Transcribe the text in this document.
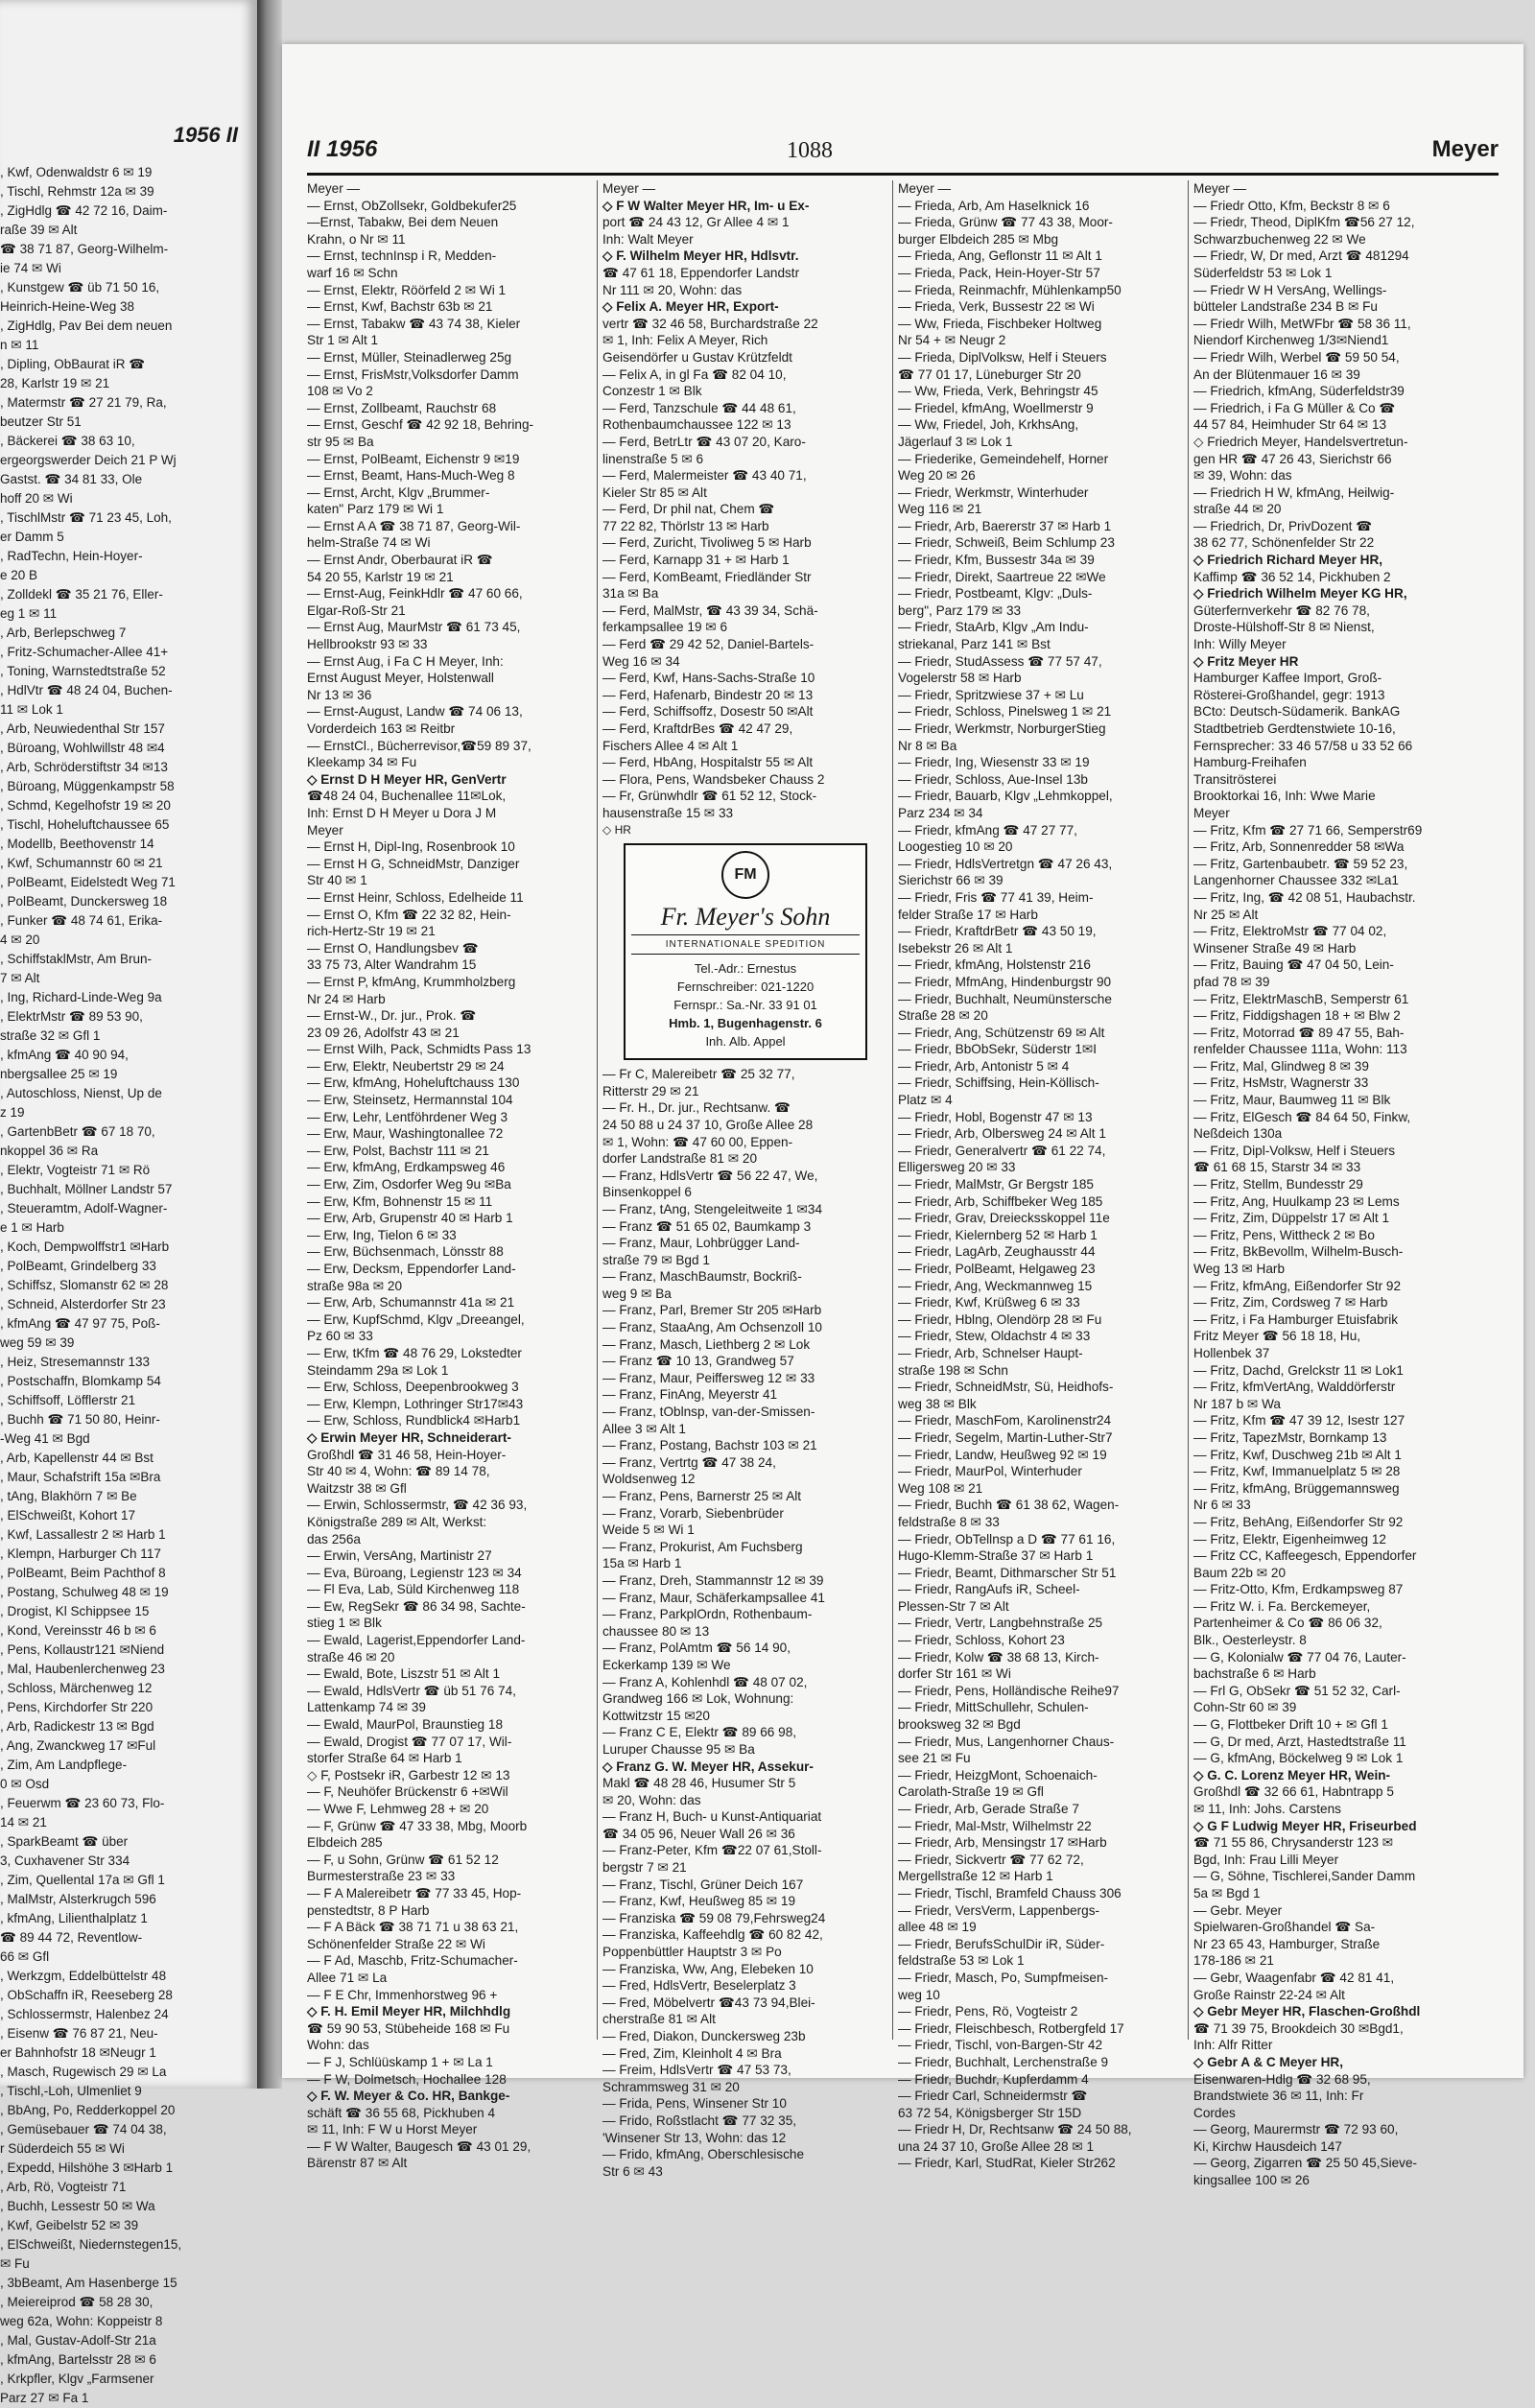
1956 II
, Kwf, Odenwaldstr 6 ✉ 19
, Tischl, Rehmstr 12a ✉ 39
, ZigHdlg ☎ 42 72 16, Daim-
raße 39 ✉ Alt
☎ 38 71 87, Georg-Wilhelm-
ie 74 ✉ Wi
, Kunstgew ☎ üb 71 50 16,
Heinrich-Heine-Weg 38
, ZigHdlg, Pav Bei dem neuen
n ✉ 11
, Dipling, ObBaurat iR ☎
28, Karlstr 19 ✉ 21
, Matermstr ☎ 27 21 79, Ra,
beutzer Str 51
, Bäckerei ☎ 38 63 10,
ergeorgswerder Deich 21 P Wj
Gastst. ☎ 34 81 33, Ole
hoff 20 ✉ Wi
, TischlMstr ☎ 71 23 45, Loh,
er Damm 5
, RadTechn, Hein-Hoyer-
e 20 B
, Zolldekl ☎ 35 21 76, Eller-
eg 1 ✉ 11
, Arb, Berlepschweg 7
, Fritz-Schumacher-Allee 41+
, Toning, Warnstedtstraße 52
, HdlVtr ☎ 48 24 04, Buchen-
11 ✉ Lok 1
, Arb, Neuwiedenthal Str 157
, Büroang, Wohlwillstr 48 ✉4
, Arb, Schröderstiftstr 34 ✉13
, Büroang, Müggenkampstr 58
, Schmd, Kegelhofstr 19 ✉ 20
, Tischl, Hoheluftchaussee 65
, Modellb, Beethovenstr 14
, Kwf, Schumannstr 60 ✉ 21
, PolBeamt, Eidelstedt Weg 71
, PolBeamt, Dunckersweg 18
, Funker ☎ 48 74 61, Erika-
4 ✉ 20
, SchiffstaklMstr, Am Brun-
7 ✉ Alt
, Ing, Richard-Linde-Weg 9a
, ElektrMstr ☎ 89 53 90,
straße 32 ✉ Gfl 1
, kfmAng ☎ 40 90 94,
nbergsallee 25 ✉ 19
, Autoschloss, Nienst, Up de
z 19
, GartenbBetr ☎ 67 18 70,
nkoppel 36 ✉ Ra
, Elektr, Vogteistr 71 ✉ Rö
, Buchhalt, Möllner Landstr 57
, Steueramtm, Adolf-Wagner-
e 1 ✉ Harb
, Koch, Dempwolffstr1 ✉Harb
, PolBeamt, Grindelberg 33
, Schiffsz, Slomanstr 62 ✉ 28
, Schneid, Alsterdorfer Str 23
, kfmAng ☎ 47 97 75, Poß-
weg 59 ✉ 39
, Heiz, Stresemannstr 133
, Postschaffn, Blomkamp 54
, Schiffsoff, Löfflerstr 21
, Buchh ☎ 71 50 80, Heinr-
-Weg 41 ✉ Bgd
, Arb, Kapellenstr 44 ✉ Bst
, Maur, Schafstrift 15a ✉Bra
, tAng, Blakhörn 7 ✉ Be
, ElSchweißt, Kohort 17
, Kwf, Lassallestr 2 ✉ Harb 1
, Klempn, Harburger Ch 117
, PolBeamt, Beim Pachthof 8
, Postang, Schulweg 48 ✉ 19
, Drogist, Kl Schippsee 15
, Kond, Vereinsstr 46 b ✉ 6
, Pens, Kollaustr121 ✉Niend
, Mal, Haubenlerchenweg 23
, Schloss, Märchenweg 12
, Pens, Kirchdorfer Str 220
, Arb, Radickestr 13 ✉ Bgd
, Ang, Zwanckweg 17 ✉Ful
, Zim, Am Landpflege-
0 ✉ Osd
, Feuerwm ☎ 23 60 73, Flo-
14 ✉ 21
, SparkBeamt ☎ über
3, Cuxhavener Str 334
, Zim, Quellental 17a ✉ Gfl 1
, MalMstr, Alsterkrugch 596
, kfmAng, Lilienthalplatz 1
☎ 89 44 72, Reventlow-
66 ✉ Gfl
, Werkzgm, Eddelbüttelstr 48
, ObSchaffn iR, Reeseberg 28
, Schlossermstr, Halenbez 24
, Eisenw ☎ 76 87 21, Neu-
er Bahnhofstr 18 ✉Neugr 1
, Masch, Rugewisch 29 ✉ La
, Tischl,-Loh, Ulmenliet 9
, BbAng, Po, Redderkoppel 20
, Gemüsebauer ☎ 74 04 38,
r Süderdeich 55 ✉ Wi
, Expedd, Hilshöhe 3 ✉Harb 1
, Arb, Rö, Vogteistr 71
, Buchh, Lessestr 50 ✉ Wa
, Kwf, Geibelstr 52 ✉ 39
, ElSchweißt, Niedernstegen15,
✉ Fu
, 3bBeamt, Am Hasenberge 15
, Meiereiprod ☎ 58 28 30,
weg 62a, Wohn: Koppeistr 8
, Mal, Gustav-Adolf-Str 21a
, kfmAng, Bartelsstr 28 ✉ 6
, Krkpfler, Klgv „Farmsener
Parz 27 ✉ Fa 1
II 1956	1088	Meyer
Meyer —
— Ernst, ObZollsekr, Goldbekufer25
—Ernst, Tabakw, Bei dem Neuen
Krahn, o Nr ✉ 11
— Ernst, technInsp i R, Medden-
warf 16 ✉ Schn
— Ernst, Elektr, Röörfeld 2 ✉ Wi 1
— Ernst, Kwf, Bachstr 63b ✉ 21
— Ernst, Tabakw ☎ 43 74 38, Kieler
Str 1 ✉ Alt 1
— Ernst, Müller, Steinadlerweg 25g
— Ernst, FrisMstr,Volksdorfer Damm
108 ✉ Vo 2
— Ernst, Zollbeamt, Rauchstr 68
— Ernst, Geschf ☎ 42 92 18, Behring-
str 95 ✉ Ba
— Ernst, PolBeamt, Eichenstr 9 ✉19
— Ernst, Beamt, Hans-Much-Weg 8
— Ernst, Archt, Klgv „Brummer-
katen" Parz 179 ✉ Wi 1
— Ernst A A ☎ 38 71 87, Georg-Wil-
helm-Straße 74 ✉ Wi
— Ernst Andr, Oberbaurat iR ☎
54 20 55, Karlstr 19 ✉ 21
— Ernst-Aug, FeinkHdlr ☎ 47 60 66,
Elgar-Roß-Str 21
— Ernst Aug, MaurMstr ☎ 61 73 45,
Hellbrookstr 93 ✉ 33
— Ernst Aug, i Fa C H Meyer, Inh:
Ernst August Meyer, Holstenwall
Nr 13 ✉ 36
— Ernst-August, Landw ☎ 74 06 13,
Vorderdeich 163 ✉ Reitbr
— ErnstCl., Bücherrevisor,☎59 89 37,
Kleekamp 34 ✉ Fu
◇ Ernst D H Meyer HR, GenVertr
☎48 24 04, Buchenallee 11✉Lok,
Inh: Ernst D H Meyer u Dora J M
Meyer
— Ernst H, Dipl-Ing, Rosenbrook 10
— Ernst H G, SchneidMstr, Danziger
Str 40 ✉ 1
— Ernst Heinr, Schloss, Edelheide 11
— Ernst O, Kfm ☎ 22 32 82, Hein-
rich-Hertz-Str 19 ✉ 21
— Ernst O, Handlungsbev ☎
33 75 73, Alter Wandrahm 15
— Ernst P, kfmAng, Krummholzberg
Nr 24 ✉ Harb
— Ernst-W., Dr. jur., Prok. ☎
23 09 26, Adolfstr 43 ✉ 21
— Ernst Wilh, Pack, Schmidts Pass 13
— Erw, Elektr, Neubertstr 29 ✉ 24
— Erw, kfmAng, Hoheluftchauss 130
— Erw, Steinsetz, Hermannstal 104
— Erw, Lehr, Lentföhrdener Weg 3
— Erw, Maur, Washingtonallee 72
— Erw, Polst, Bachstr 111 ✉ 21
— Erw, kfmAng, Erdkampsweg 46
— Erw, Zim, Osdorfer Weg 9u ✉Ba
— Erw, Kfm, Bohnenstr 15 ✉ 11
— Erw, Arb, Grupenstr 40 ✉ Harb 1
— Erw, Ing, Tielon 6 ✉ 33
— Erw, Büchsenmach, Lönsstr 88
— Erw, Decksm, Eppendorfer Land-
straße 98a ✉ 20
— Erw, Arb, Schumannstr 41a ✉ 21
— Erw, KupfSchmd, Klgv „Dreeangel,
Pz 60 ✉ 33
— Erw, tKfm ☎ 48 76 29, Lokstedter
Steindamm 29a ✉ Lok 1
— Erw, Schloss, Deepenbrookweg 3
— Erw, Klempn, Lothringer Str17✉43
— Erw, Schloss, Rundblick4 ✉Harb1
◇ Erwin Meyer HR, Schneiderart-
Großhdl ☎ 31 46 58, Hein-Hoyer-
Str 40 ✉ 4, Wohn: ☎ 89 14 78,
Waitzstr 38 ✉ Gfl
— Erwin, Schlossermstr, ☎ 42 36 93,
Königstraße 289 ✉ Alt, Werkst:
das 256a
— Erwin, VersAng, Martinistr 27
— Eva, Büroang, Legienstr 123 ✉ 34
— Fl Eva, Lab, Süld Kirchenweg 118
— Ew, RegSekr ☎ 86 34 98, Sachte-
stieg 1 ✉ Blk
— Ewald, Lagerist,Eppendorfer Land-
straße 46 ✉ 20
— Ewald, Bote, Liszstr 51 ✉ Alt 1
— Ewald, HdlsVertr ☎ üb 51 76 74,
Lattenkamp 74 ✉ 39
— Ewald, MaurPol, Braunstieg 18
— Ewald, Drogist ☎ 77 07 17, Wil-
storfer Straße 64 ✉ Harb 1
◇ F, Postsekr iR, Garbestr 12 ✉ 13
— F, Neuhöfer Brückenstr 6 +✉Wil
— Wwe F, Lehmweg 28 + ✉ 20
— F, Grünw ☎ 47 33 38, Mbg, Moorb
Elbdeich 285
— F, u Sohn, Grünw ☎ 61 52 12
Burmesterstraße 23 ✉ 33
— F A Malereibetr ☎ 77 33 45, Hop-
penstedtstr, 8 P Harb
— F A Bäck ☎ 38 71 71 u 38 63 21,
Schönenfelder Straße 22 ✉ Wi
— F Ad, Maschb, Fritz-Schumacher-
Allee 71 ✉ La
— F E Chr, Immenhorstweg 96 +
◇ F. H. Emil Meyer HR, Milchhdlg
☎ 59 90 53, Stübeheide 168 ✉ Fu
Wohn: das
— F J, Schlüüskamp 1 + ✉ La 1
— F W, Dolmetsch, Hochallee 128
◇ F. W. Meyer & Co. HR, Bankge-
schäft ☎ 36 55 68, Pickhuben 4
✉ 11, Inh: F W u Horst Meyer
— F W Walter, Baugesch ☎ 43 01 29,
Bärenstr 87 ✉ Alt
Meyer —
◇ F W Walter Meyer HR, Im- u Ex-
port ☎ 24 43 12, Gr Allee 4 ✉ 1
Inh: Walt Meyer
◇ F. Wilhelm Meyer HR, Hdlsvtr.
☎ 47 61 18, Eppendorfer Landstr
Nr 111 ✉ 20, Wohn: das
◇ Felix A. Meyer HR, Export-
vertr ☎ 32 46 58, Burchardstraße 22
✉ 1, Inh: Felix A Meyer, Rich
Geisendörfer u Gustav Krützfeldt
— Felix A, in gl Fa ☎ 82 04 10,
Conzestr 1 ✉ Blk
— Ferd, Tanzschule ☎ 44 48 61,
Rothenbaumchaussee 122 ✉ 13
— Ferd, BetrLtr ☎ 43 07 20, Karo-
linenstraße 5 ✉ 6
— Ferd, Malermeister ☎ 43 40 71,
Kieler Str 85 ✉ Alt
— Ferd, Dr phil nat, Chem ☎
77 22 82, Thörlstr 13 ✉ Harb
— Ferd, Zuricht, Tivoliweg 5 ✉ Harb
— Ferd, Karnapp 31 + ✉ Harb 1
— Ferd, KomBeamt, Friedländer Str
31a ✉ Ba
— Ferd, MalMstr, ☎ 43 39 34, Schä-
ferkampsallee 19 ✉ 6
— Ferd ☎ 29 42 52, Daniel-Bartels-
Weg 16 ✉ 34
— Ferd, Kwf, Hans-Sachs-Straße 10
— Ferd, Hafenarb, Bindestr 20 ✉ 13
— Ferd, Schiffsoffz, Dosestr 50 ✉Alt
— Ferd, KraftdrBes ☎ 42 47 29,
Fischers Allee 4 ✉ Alt 1
— Ferd, HbAng, Hospitalstr 55 ✉ Alt
— Flora, Pens, Wandsbeker Chauss 2
— Fr, Grünwhdlr ☎ 61 52 12, Stock-
hausenstraße 15 ✉ 33
◇ HR
FM
Fr. Meyer's Sohn
INTERNATIONALE SPEDITION
Tel.-Adr.: Ernestus
Fernschreiber: 021-1220
Fernspr.: Sa.-Nr. 33 91 01
Hmb. 1, Bugenhagenstr. 6
Inh. Alb. Appel
— Fr C, Malereibetr ☎ 25 32 77,
Ritterstr 29 ✉ 21
— Fr. H., Dr. jur., Rechtsanw. ☎
24 50 88 u 24 37 10, Große Allee 28
✉ 1, Wohn: ☎ 47 60 00, Eppen-
dorfer Landstraße 81 ✉ 20
— Franz, HdlsVertr ☎ 56 22 47, We,
Binsenkoppel 6
— Franz, tAng, Stengeleitweite 1 ✉34
— Franz ☎ 51 65 02, Baumkamp 3
— Franz, Maur, Lohbrügger Land-
straße 79 ✉ Bgd 1
— Franz, MaschBaumstr, Bockriß-
weg 9 ✉ Ba
— Franz, Parl, Bremer Str 205 ✉Harb
— Franz, StaaAng, Am Ochsenzoll 10
— Franz, Masch, Liethberg 2 ✉ Lok
— Franz ☎ 10 13, Grandweg 57
— Franz, Maur, Peiffersweg 12 ✉ 33
— Franz, FinAng, Meyerstr 41
— Franz, tOblnsp, van-der-Smissen-
Allee 3 ✉ Alt 1
— Franz, Postang, Bachstr 103 ✉ 21
— Franz, Vertrtg ☎ 47 38 24,
Woldsenweg 12
— Franz, Pens, Barnerstr 25 ✉ Alt
— Franz, Vorarb, Siebenbrüder
Weide 5 ✉ Wi 1
— Franz, Prokurist, Am Fuchsberg
15a ✉ Harb 1
— Franz, Dreh, Stammannstr 12 ✉ 39
— Franz, Maur, Schäferkampsallee 41
— Franz, ParkplOrdn, Rothenbaum-
chaussee 80 ✉ 13
— Franz, PolAmtm ☎ 56 14 90,
Eckerkamp 139 ✉ We
— Franz A, Kohlenhdl ☎ 48 07 02,
Grandweg 166 ✉ Lok, Wohnung:
Kottwitzstr 15 ✉20
— Franz C E, Elektr ☎ 89 66 98,
Luruper Chausse 95 ✉ Ba
◇ Franz G. W. Meyer HR, Assekur-
Makl ☎ 48 28 46, Husumer Str 5
✉ 20, Wohn: das
— Franz H, Buch- u Kunst-Antiquariat
☎ 34 05 96, Neuer Wall 26 ✉ 36
— Franz-Peter, Kfm ☎22 07 61,Stoll-
bergstr 7 ✉ 21
— Franz, Tischl, Grüner Deich 167
— Franz, Kwf, Heußweg 85 ✉ 19
— Franziska ☎ 59 08 79,Fehrsweg24
— Franziska, Kaffeehdlg ☎ 60 82 42,
Poppenbüttler Hauptstr 3 ✉ Po
— Franziska, Ww, Ang, Elebeken 10
— Fred, HdlsVertr, Beselerplatz 3
— Fred, Möbelvertr ☎43 73 94,Blei-
cherstraße 81 ✉ Alt
— Fred, Diakon, Dunckersweg 23b
— Fred, Zim, Kleinholt 4 ✉ Bra
— Freim, HdlsVertr ☎ 47 53 73,
Schrammsweg 31 ✉ 20
— Frida, Pens, Winsener Str 10
— Frido, Roßstlacht ☎ 77 32 35,
'Winsener Str 13, Wohn: das 12
— Frido, kfmAng, Oberschlesische
Str 6 ✉ 43
Meyer —
— Frieda, Arb, Am Haselknick 16
— Frieda, Grünw ☎ 77 43 38, Moor-
burger Elbdeich 285 ✉ Mbg
— Frieda, Ang, Geflonstr 11 ✉ Alt 1
— Frieda, Pack, Hein-Hoyer-Str 57
— Frieda, Reinmachfr, Mühlenkamp50
— Frieda, Verk, Bussestr 22 ✉ Wi
— Ww, Frieda, Fischbeker Holtweg
Nr 54 + ✉ Neugr 2
— Frieda, DiplVolksw, Helf i Steuers
☎ 77 01 17, Lüneburger Str 20
— Ww, Frieda, Verk, Behringstr 45
— Friedel, kfmAng, Woellmerstr 9
— Ww, Friedel, Joh, KrkhsAng,
Jägerlauf 3 ✉ Lok 1
— Friederike, Gemeindehelf, Horner
Weg 20 ✉ 26
— Friedr, Werkmstr, Winterhuder
Weg 116 ✉ 21
— Friedr, Arb, Baererstr 37 ✉ Harb 1
— Friedr, Schweiß, Beim Schlump 23
— Friedr, Kfm, Bussestr 34a ✉ 39
— Friedr, Direkt, Saartreue 22 ✉We
— Friedr, Postbeamt, Klgv: „Duls-
berg", Parz 179 ✉ 33
— Friedr, StaArb, Klgv „Am Indu-
striekanal, Parz 141 ✉ Bst
— Friedr, StudAssess ☎ 77 57 47,
Vogelerstr 58 ✉ Harb
— Friedr, Spritzwiese 37 + ✉ Lu
— Friedr, Schloss, Pinelsweg 1 ✉ 21
— Friedr, Werkmstr, NorburgerStieg
Nr 8 ✉ Ba
— Friedr, Ing, Wiesenstr 33 ✉ 19
— Friedr, Schloss, Aue-Insel 13b
— Friedr, Bauarb, Klgv „Lehmkoppel,
Parz 234 ✉ 34
— Friedr, kfmAng ☎ 47 27 77,
Loogestieg 10 ✉ 20
— Friedr, HdlsVertretgn ☎ 47 26 43,
Sierichstr 66 ✉ 39
— Friedr, Fris ☎ 77 41 39, Heim-
felder Straße 17 ✉ Harb
— Friedr, KraftdrBetr ☎ 43 50 19,
Isebekstr 26 ✉ Alt 1
— Friedr, kfmAng, Holstenstr 216
— Friedr, MfmAng, Hindenburgstr 90
— Friedr, Buchhalt, Neumünstersche
Straße 28 ✉ 20
— Friedr, Ang, Schützenstr 69 ✉ Alt
— Friedr, BbObSekr, Süderstr 1✉I
— Friedr, Arb, Antonistr 5 ✉ 4
— Friedr, Schiffsing, Hein-Köllisch-
Platz ✉ 4
— Friedr, Hobl, Bogenstr 47 ✉ 13
— Friedr, Arb, Olbersweg 24 ✉ Alt 1
— Friedr, Generalvertr ☎ 61 22 74,
Elligersweg 20 ✉ 33
— Friedr, MalMstr, Gr Bergstr 185
— Friedr, Arb, Schiffbeker Weg 185
— Friedr, Grav, Dreiecksskoppel 11e
— Friedr, Kielernberg 52 ✉ Harb 1
— Friedr, LagArb, Zeughausstr 44
— Friedr, PolBeamt, Helgaweg 23
— Friedr, Ang, Weckmannweg 15
— Friedr, Kwf, Krüßweg 6 ✉ 33
— Friedr, Hblng, Olendörp 28 ✉ Fu
— Friedr, Stew, Oldachstr 4 ✉ 33
— Friedr, Arb, Schnelser Haupt-
straße 198 ✉ Schn
— Friedr, SchneidMstr, Sü, Heidhofs-
weg 38 ✉ Blk
— Friedr, MaschFom, Karolinenstr24
— Friedr, Segelm, Martin-Luther-Str7
— Friedr, Landw, Heußweg 92 ✉ 19
— Friedr, MaurPol, Winterhuder
Weg 108 ✉ 21
— Friedr, Buchh ☎ 61 38 62, Wagen-
feldstraße 8 ✉ 33
— Friedr, ObTellnsp a D ☎ 77 61 16,
Hugo-Klemm-Straße 37 ✉ Harb 1
— Friedr, Beamt, Dithmarscher Str 51
— Friedr, RangAufs iR, Scheel-
Plessen-Str 7 ✉ Alt
— Friedr, Vertr, Langbehnstraße 25
— Friedr, Schloss, Kohort 23
— Friedr, Kolw ☎ 38 68 13, Kirch-
dorfer Str 161 ✉ Wi
— Friedr, Pens, Holländische Reihe97
— Friedr, MittSchullehr, Schulen-
brooksweg 32 ✉ Bgd
— Friedr, Mus, Langenhorner Chaus-
see 21 ✉ Fu
— Friedr, HeizgMont, Schoenaich-
Carolath-Straße 19 ✉ Gfl
— Friedr, Arb, Gerade Straße 7
— Friedr, Mal-Mstr, Wilhelmstr 22
— Friedr, Arb, Mensingstr 17 ✉Harb
— Friedr, Sickvertr ☎ 77 62 72,
Mergellstraße 12 ✉ Harb 1
— Friedr, Tischl, Bramfeld Chauss 306
— Friedr, VersVerm, Lappenbergs-
allee 48 ✉ 19
— Friedr, BerufsSchulDir iR, Süder-
feldstraße 53 ✉ Lok 1
— Friedr, Masch, Po, Sumpfmeisen-
weg 10
— Friedr, Pens, Rö, Vogteistr 2
— Friedr, Fleischbesch, Rotbergfeld 17
— Friedr, Tischl, von-Bargen-Str 42
— Friedr, Buchhalt, Lerchenstraße 9
— Friedr, Buchdr, Kupferdamm 4
— Friedr Carl, Schneidermstr ☎
63 72 54, Königsberger Str 15D
— Friedr H, Dr, Rechtsanw ☎ 24 50 88,
una 24 37 10, Große Allee 28 ✉ 1
— Friedr, Karl, StudRat, Kieler Str262
Meyer —
— Friedr Otto, Kfm, Beckstr 8 ✉ 6
— Friedr, Theod, DiplKfm ☎56 27 12,
Schwarzbuchenweg 22 ✉ We
— Friedr, W, Dr med, Arzt ☎ 481294
Süderfeldstr 53 ✉ Lok 1
— Friedr W H VersAng, Wellings-
bütteler Landstraße 234 B ✉ Fu
— Friedr Wilh, MetWFbr ☎ 58 36 11,
Niendorf Kirchenweg 1/3✉Niend1
— Friedr Wilh, Werbel ☎ 59 50 54,
An der Blütenmauer 16 ✉ 39
— Friedrich, kfmAng, Süderfeldstr39
— Friedrich, i Fa G Müller & Co ☎
44 57 84, Heimhuder Str 64 ✉ 13
◇ Friedrich Meyer, Handelsvertretun-
gen HR ☎ 47 26 43, Sierichstr 66
✉ 39, Wohn: das
— Friedrich H W, kfmAng, Heilwig-
straße 44 ✉ 20
— Friedrich, Dr, PrivDozent ☎
38 62 77, Schönenfelder Str 22
◇ Friedrich Richard Meyer HR,
Kaffimp ☎ 36 52 14, Pickhuben 2
◇ Friedrich Wilhelm Meyer KG HR,
Güterfernverkehr ☎ 82 76 78,
Droste-Hülshoff-Str 8 ✉ Nienst,
Inh: Willy Meyer
◇ Fritz Meyer HR
Hamburger Kaffee Import, Groß-
Rösterei-Großhandel, gegr: 1913
BCto: Deutsch-Südamerik. BankAG
Stadtbetrieb Gerdtenstwiete 10-16,
Fernsprecher: 33 46 57/58 u 33 52 66
Hamburg-Freihafen
Transitrösterei
Brooktorkai 16, Inh: Wwe Marie
Meyer
— Fritz, Kfm ☎ 27 71 66, Semperstr69
— Fritz, Arb, Sonnenredder 58 ✉Wa
— Fritz, Gartenbaubetr. ☎ 59 52 23,
Langenhorner Chaussee 332 ✉La1
— Fritz, Ing, ☎ 42 08 51, Haubachstr.
Nr 25 ✉ Alt
— Fritz, ElektroMstr ☎ 77 04 02,
Winsener Straße 49 ✉ Harb
— Fritz, Bauing ☎ 47 04 50, Lein-
pfad 78 ✉ 39
— Fritz, ElektrMaschB, Semperstr 61
— Fritz, Fiddigshagen 18 + ✉ Blw 2
— Fritz, Motorrad ☎ 89 47 55, Bah-
renfelder Chaussee 111a, Wohn: 113
— Fritz, Mal, Glindweg 8 ✉ 39
— Fritz, HsMstr, Wagnerstr 33
— Fritz, Maur, Baumweg 11 ✉ Blk
— Fritz, ElGesch ☎ 84 64 50, Finkw,
Neßdeich 130a
— Fritz, Dipl-Volksw, Helf i Steuers
☎ 61 68 15, Starstr 34 ✉ 33
— Fritz, Stellm, Bundesstr 29
— Fritz, Ang, Huulkamp 23 ✉ Lems
— Fritz, Zim, Düppelstr 17 ✉ Alt 1
— Fritz, Pens, Wittheck 2 ✉ Bo
— Fritz, BkBevollm, Wilhelm-Busch-
Weg 13 ✉ Harb
— Fritz, kfmAng, Eißendorfer Str 92
— Fritz, Zim, Cordsweg 7 ✉ Harb
— Fritz, i Fa Hamburger Etuisfabrik
Fritz Meyer ☎ 56 18 18, Hu,
Hollenbek 37
— Fritz, Dachd, Grelckstr 11 ✉ Lok1
— Fritz, kfmVertAng, Walddörferstr
Nr 187 b ✉ Wa
— Fritz, Kfm ☎ 47 39 12, Isestr 127
— Fritz, TapezMstr, Bornkamp 13
— Fritz, Kwf, Duschweg 21b ✉ Alt 1
— Fritz, Kwf, Immanuelplatz 5 ✉ 28
— Fritz, kfmAng, Brüggemannsweg
Nr 6 ✉ 33
— Fritz, BehAng, Eißendorfer Str 92
— Fritz, Elektr, Eigenheimweg 12
— Fritz CC, Kaffeegesch, Eppendorfer
Baum 22b ✉ 20
— Fritz-Otto, Kfm, Erdkampsweg 87
— Fritz W. i. Fa. Berckemeyer,
Partenheimer & Co ☎ 86 06 32,
Blk., Oesterleystr. 8
— G, Kolonialw ☎ 77 04 76, Lauter-
bachstraße 6 ✉ Harb
— Frl G, ObSekr ☎ 51 52 32, Carl-
Cohn-Str 60 ✉ 39
— G, Flottbeker Drift 10 + ✉ Gfl 1
— G, Dr med, Arzt, Hastedtstraße 11
— G, kfmAng, Böckelweg 9 ✉ Lok 1
◇ G. C. Lorenz Meyer HR, Wein-
Großhdl ☎ 32 66 61, Habntrapp 5
✉ 11, Inh: Johs. Carstens
◇ G F Ludwig Meyer HR, Friseurbed
☎ 71 55 86, Chrysanderstr 123 ✉
Bgd, Inh: Frau Lilli Meyer
— G, Söhne, Tischlerei,Sander Damm
5a ✉ Bgd 1
— Gebr. Meyer
Spielwaren-Großhandel ☎ Sa-
Nr 23 65 43, Hamburger, Straße
178-186 ✉ 21
— Gebr, Waagenfabr ☎ 42 81 41,
Große Rainstr 22-24 ✉ Alt
◇ Gebr Meyer HR, Flaschen-Großhdl
☎ 71 39 75, Brookdeich 30 ✉Bgd1,
Inh: Alfr Ritter
◇ Gebr A & C Meyer HR,
Eisenwaren-Hdlg ☎ 32 68 95,
Brandstwiete 36 ✉ 11, Inh: Fr
Cordes
— Georg, Maurermstr ☎ 72 93 60,
Ki, Kirchw Hausdeich 147
— Georg, Zigarren ☎ 25 50 45,Sieve-
kingsallee 100 ✉ 26
